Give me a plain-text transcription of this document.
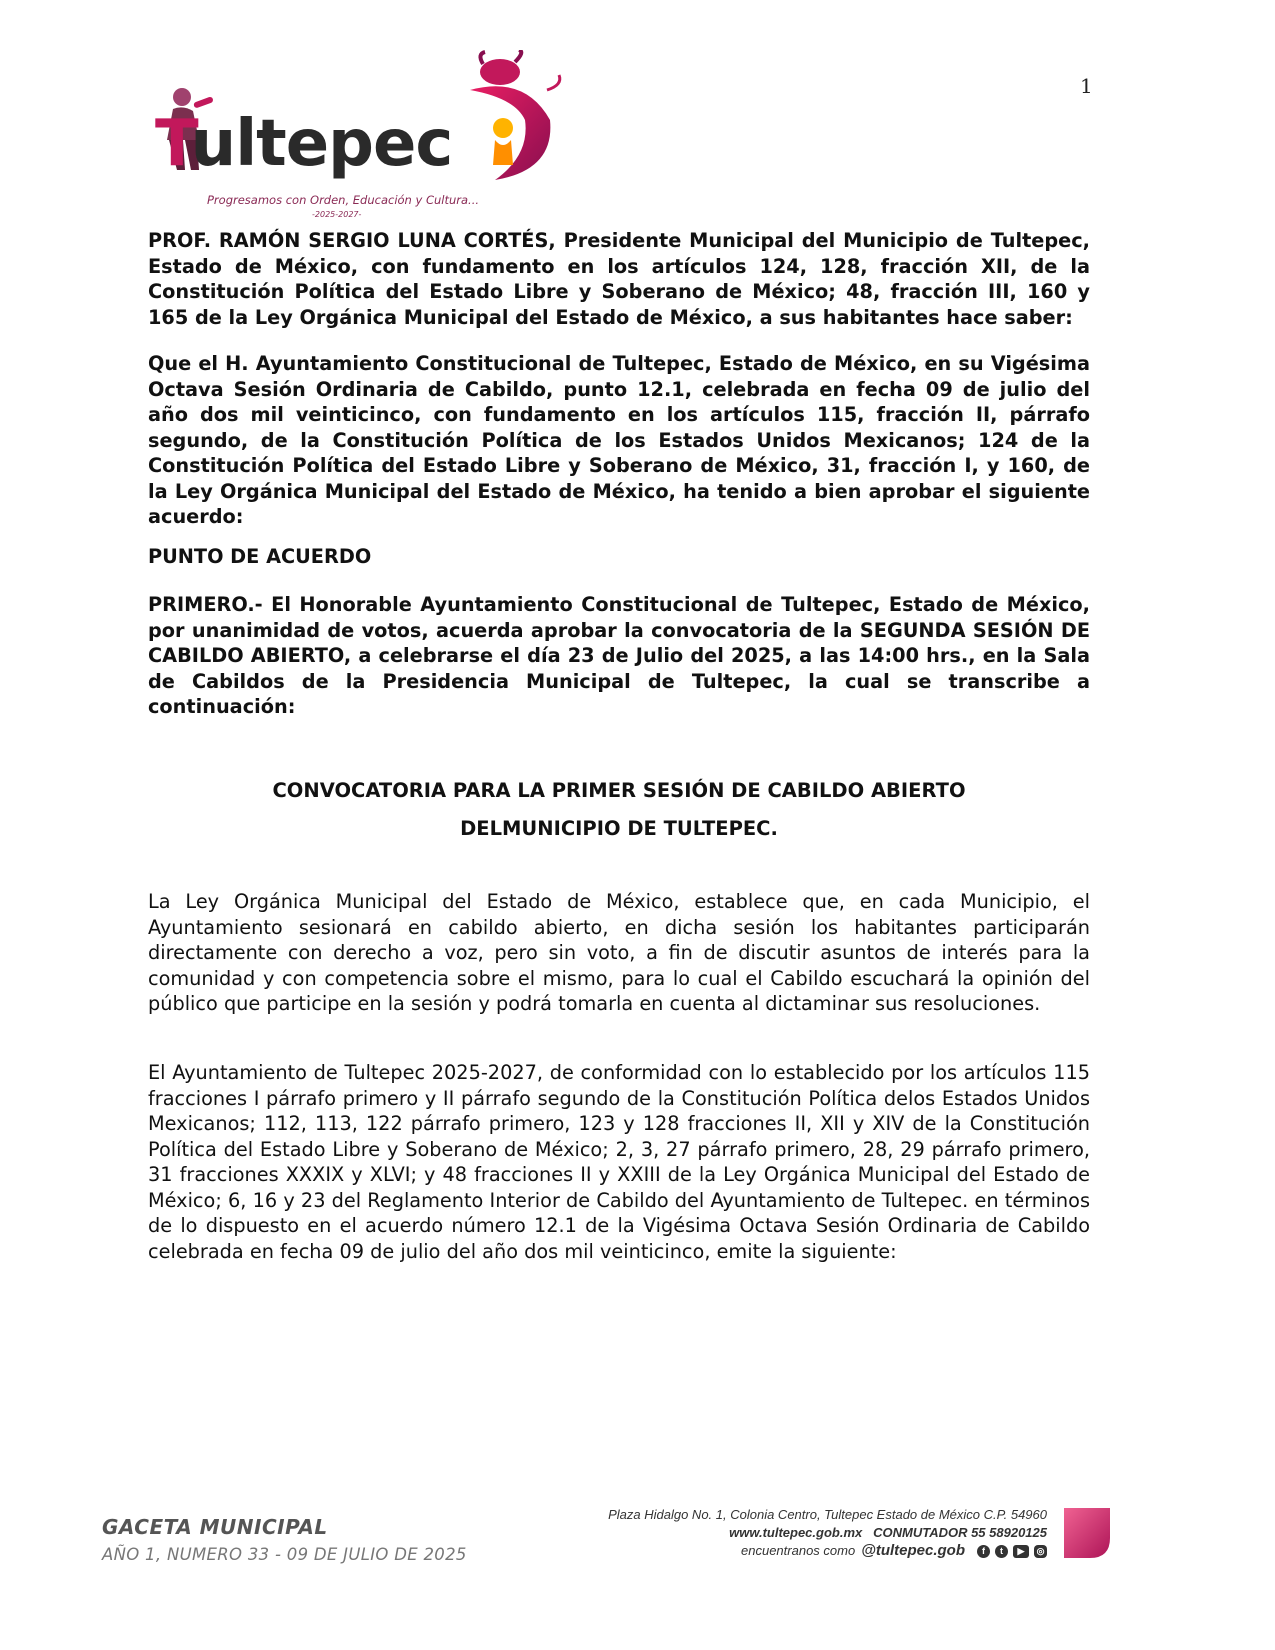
1
Tultepec
Progresamos con Orden, Educación y Cultura...
-2025-2027-
PROF. RAMÓN SERGIO LUNA CORTÉS, Presidente Municipal del Municipio de Tultepec, Estado de México, con fundamento en los artículos 124, 128, fracción XII, de la Constitución Política del Estado Libre y Soberano de México; 48, fracción III, 160 y 165 de la Ley Orgánica Municipal del Estado de México, a sus habitantes hace saber:
Que el H. Ayuntamiento Constitucional de Tultepec, Estado de México, en su Vigésima Octava Sesión Ordinaria de Cabildo, punto 12.1, celebrada en fecha 09 de julio del año dos mil veinticinco, con fundamento en los artículos 115, fracción II, párrafo segundo, de la Constitución Política de los Estados Unidos Mexicanos; 124 de la Constitución Política del Estado Libre y Soberano de México, 31, fracción I, y 160, de la Ley Orgánica Municipal del Estado de México, ha tenido a bien aprobar el siguiente acuerdo:
PUNTO DE ACUERDO
PRIMERO.- El Honorable Ayuntamiento Constitucional de Tultepec, Estado de México, por unanimidad de votos, acuerda aprobar la convocatoria de la SEGUNDA SESIÓN DE CABILDO ABIERTO, a celebrarse el día 23 de Julio del 2025, a las 14:00 hrs., en la Sala de Cabildos de la Presidencia Municipal de Tultepec, la cual se transcribe a continuación:
CONVOCATORIA PARA LA PRIMER SESIÓN DE CABILDO ABIERTO
DELMUNICIPIO DE TULTEPEC.
La Ley Orgánica Municipal del Estado de México, establece que, en cada Municipio, el Ayuntamiento sesionará en cabildo abierto, en dicha sesión los habitantes participarán directamente con derecho a voz, pero sin voto, a fin de discutir asuntos de interés para la comunidad y con competencia sobre el mismo, para lo cual el Cabildo escuchará la opinión del público que participe en la sesión y podrá tomarla en cuenta al dictaminar sus resoluciones.
El Ayuntamiento de Tultepec 2025-2027, de conformidad con lo establecido por los artículos 115 fracciones I párrafo primero y II párrafo segundo de la Constitución Política delos Estados Unidos Mexicanos; 112, 113, 122 párrafo primero, 123 y 128 fracciones II, XII y XIV de la Constitución Política del Estado Libre y Soberano de México; 2, 3, 27 párrafo primero, 28, 29 párrafo primero, 31 fracciones XXXIX y XLVI; y 48 fracciones II y XXIII de la Ley Orgánica Municipal del Estado de México; 6, 16 y 23 del Reglamento Interior de Cabildo del Ayuntamiento de Tultepec. en términos de lo dispuesto en el acuerdo número 12.1 de la Vigésima Octava Sesión Ordinaria de Cabildo celebrada en fecha 09 de julio del año dos mil veinticinco, emite la siguiente:
GACETA MUNICIPAL
AÑO 1, NUMERO 33 - 09 DE JULIO DE 2025
Plaza Hidalgo No. 1, Colonia Centro, Tultepec Estado de México C.P. 54960
www.tultepec.gob.mx CONMUTADOR 55 58920125
encuentranos como @tultepec.gob	f	t	▶	◎
